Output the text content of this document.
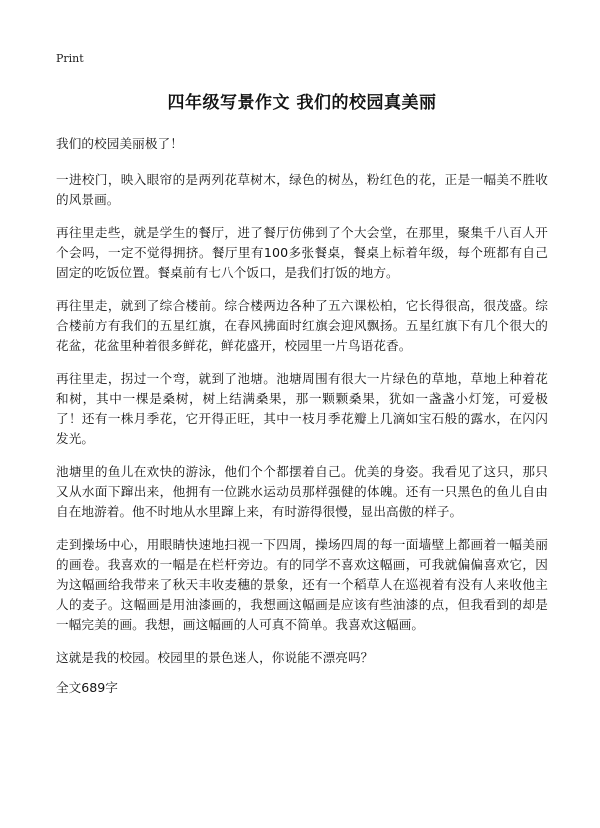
Print
四年级写景作文 我们的校园真美丽

我们的校园美丽极了！

一进校门，映入眼帘的是两列花草树木，绿色的树丛，粉红色的花，正是一幅美不胜收的风景画。

再往里走些，就是学生的餐厅，进了餐厅仿佛到了个大会堂，在那里，聚集千八百人开个会吗，一定不觉得拥挤。餐厅里有100多张餐桌，餐桌上标着年级，每个班都有自己固定的吃饭位置。餐桌前有七八个饭口，是我们打饭的地方。

再往里走，就到了综合楼前。综合楼两边各种了五六课松柏，它长得很高，很茂盛。综合楼前方有我们的五星红旗，在春风拂面时红旗会迎风飘扬。五星红旗下有几个很大的花盆，花盆里种着很多鲜花，鲜花盛开，校园里一片鸟语花香。

再往里走，拐过一个弯，就到了池塘。池塘周围有很大一片绿色的草地，草地上种着花和树，其中一棵是桑树，树上结满桑果，那一颗颗桑果，犹如一盏盏小灯笼，可爱极了！还有一株月季花，它开得正旺，其中一枝月季花瓣上几滴如宝石般的露水，在闪闪发光。

池塘里的鱼儿在欢快的游泳，他们个个都摆着自己。优美的身姿。我看见了这只，那只又从水面下蹿出来，他拥有一位跳水运动员那样强健的体魄。还有一只黑色的鱼儿自由自在地游着。他不时地从水里蹿上来，有时游得很慢，显出高傲的样子。

走到操场中心，用眼睛快速地扫视一下四周，操场四周的每一面墙壁上都画着一幅美丽的画卷。我喜欢的一幅是在栏杆旁边。有的同学不喜欢这幅画，可我就偏偏喜欢它，因为这幅画给我带来了秋天丰收麦穗的景象，还有一个稻草人在巡视着有没有人来收他主人的麦子。这幅画是用油漆画的，我想画这幅画是应该有些油漆的点，但我看到的却是一幅完美的画。我想，画这幅画的人可真不简单。我喜欢这幅画。

这就是我的校园。校园里的景色迷人，你说能不漂亮吗？

全文689字
